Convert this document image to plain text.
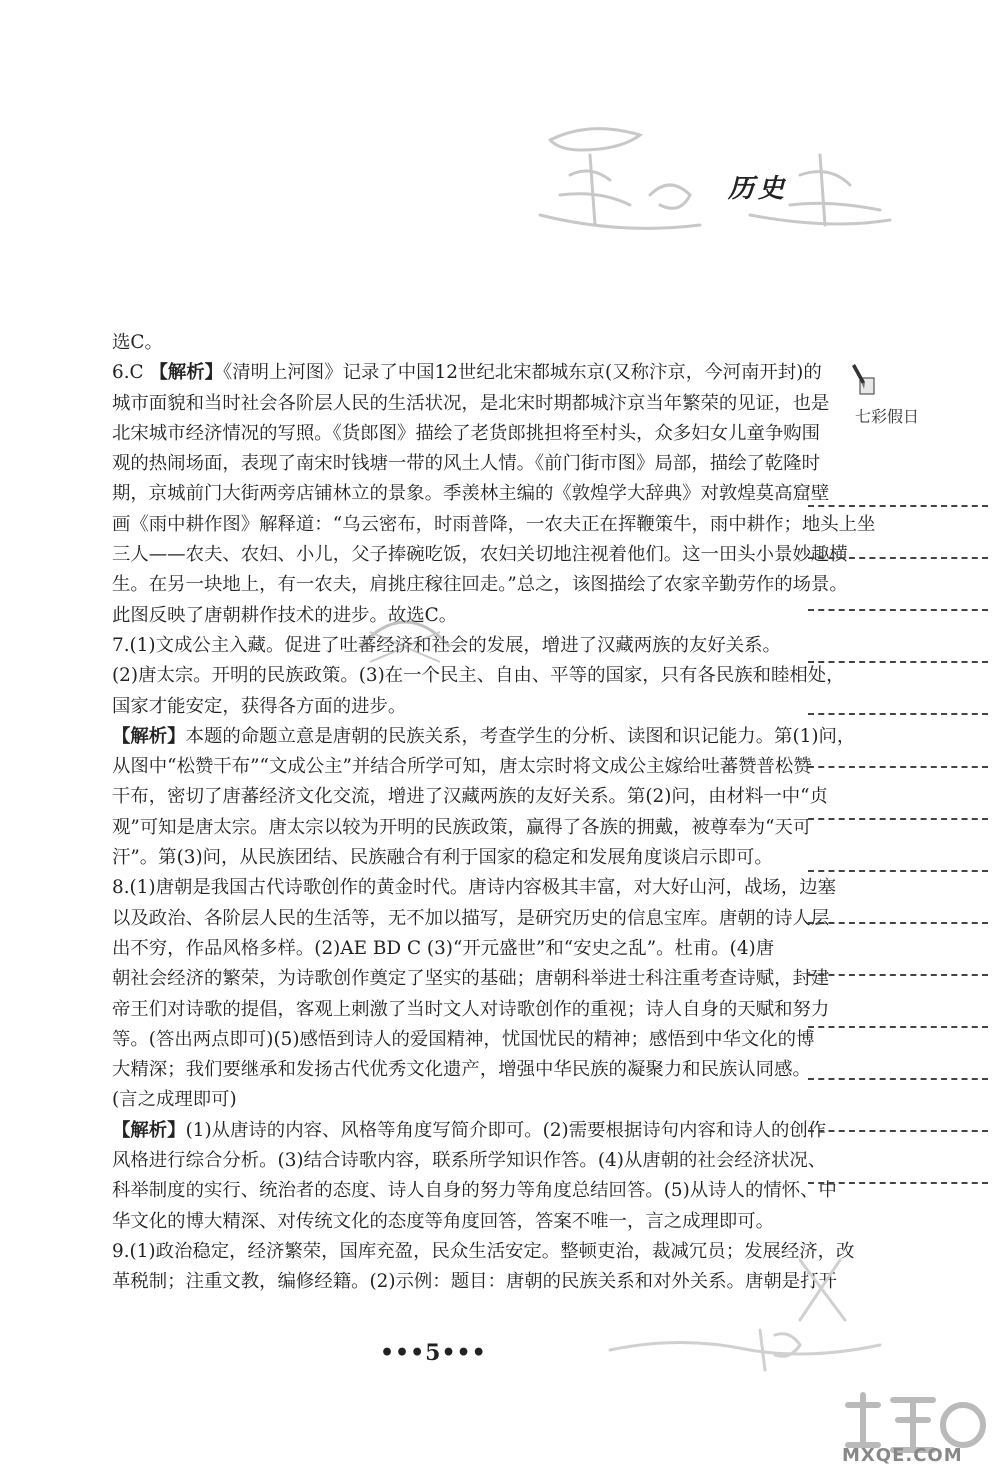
历史
选C。
6.C 【解析】《清明上河图》记录了中国12世纪北宋都城东京(又称汴京，今河南开封)的
城市面貌和当时社会各阶层人民的生活状况，是北宋时期都城汴京当年繁荣的见证，也是
北宋城市经济情况的写照。《货郎图》描绘了老货郎挑担将至村头，众多妇女儿童争购围
观的热闹场面，表现了南宋时钱塘一带的风土人情。《前门街市图》局部，描绘了乾隆时
期，京城前门大街两旁店铺林立的景象。季羡林主编的《敦煌学大辞典》对敦煌莫高窟壁
画《雨中耕作图》解释道：“乌云密布，时雨普降，一农夫正在挥鞭策牛，雨中耕作；地头上坐
三人——农夫、农妇、小儿，父子捧碗吃饭，农妇关切地注视着他们。这一田头小景妙趣横
生。在另一块地上，有一农夫，肩挑庄稼往回走。”总之，该图描绘了农家辛勤劳作的场景。
此图反映了唐朝耕作技术的进步。故选C。
7.(1)文成公主入藏。促进了吐蕃经济和社会的发展，增进了汉藏两族的友好关系。
(2)唐太宗。开明的民族政策。(3)在一个民主、自由、平等的国家，只有各民族和睦相处，
国家才能安定，获得各方面的进步。
【解析】本题的命题立意是唐朝的民族关系，考查学生的分析、读图和识记能力。第(1)问，
从图中“松赞干布”“文成公主”并结合所学可知，唐太宗时将文成公主嫁给吐蕃赞普松赞
干布，密切了唐蕃经济文化交流，增进了汉藏两族的友好关系。第(2)问，由材料一中“贞
观”可知是唐太宗。唐太宗以较为开明的民族政策，赢得了各族的拥戴，被尊奉为“天可
汗”。第(3)问，从民族团结、民族融合有利于国家的稳定和发展角度谈启示即可。
8.(1)唐朝是我国古代诗歌创作的黄金时代。唐诗内容极其丰富，对大好山河，战场，边塞
以及政治、各阶层人民的生活等，无不加以描写，是研究历史的信息宝库。唐朝的诗人层
出不穷，作品风格多样。(2)AE BD C (3)“开元盛世”和“安史之乱”。杜甫。(4)唐
朝社会经济的繁荣，为诗歌创作奠定了坚实的基础；唐朝科举进士科注重考查诗赋，封建
帝王们对诗歌的提倡，客观上刺激了当时文人对诗歌创作的重视；诗人自身的天赋和努力
等。(答出两点即可)(5)感悟到诗人的爱国精神，忧国忧民的精神；感悟到中华文化的博
大精深；我们要继承和发扬古代优秀文化遗产，增强中华民族的凝聚力和民族认同感。
(言之成理即可)
【解析】(1)从唐诗的内容、风格等角度写简介即可。(2)需要根据诗句内容和诗人的创作
风格进行综合分析。(3)结合诗歌内容，联系所学知识作答。(4)从唐朝的社会经济状况、
科举制度的实行、统治者的态度、诗人自身的努力等角度总结回答。(5)从诗人的情怀、中
华文化的博大精深、对传统文化的态度等角度回答，答案不唯一，言之成理即可。
9.(1)政治稳定，经济繁荣，国库充盈，民众生活安定。整顿吏治，裁减冗员；发展经济，改
革税制；注重文教，编修经籍。(2)示例：题目：唐朝的民族关系和对外关系。唐朝是打开
七彩假日
•••5•••
MXQE.COM
